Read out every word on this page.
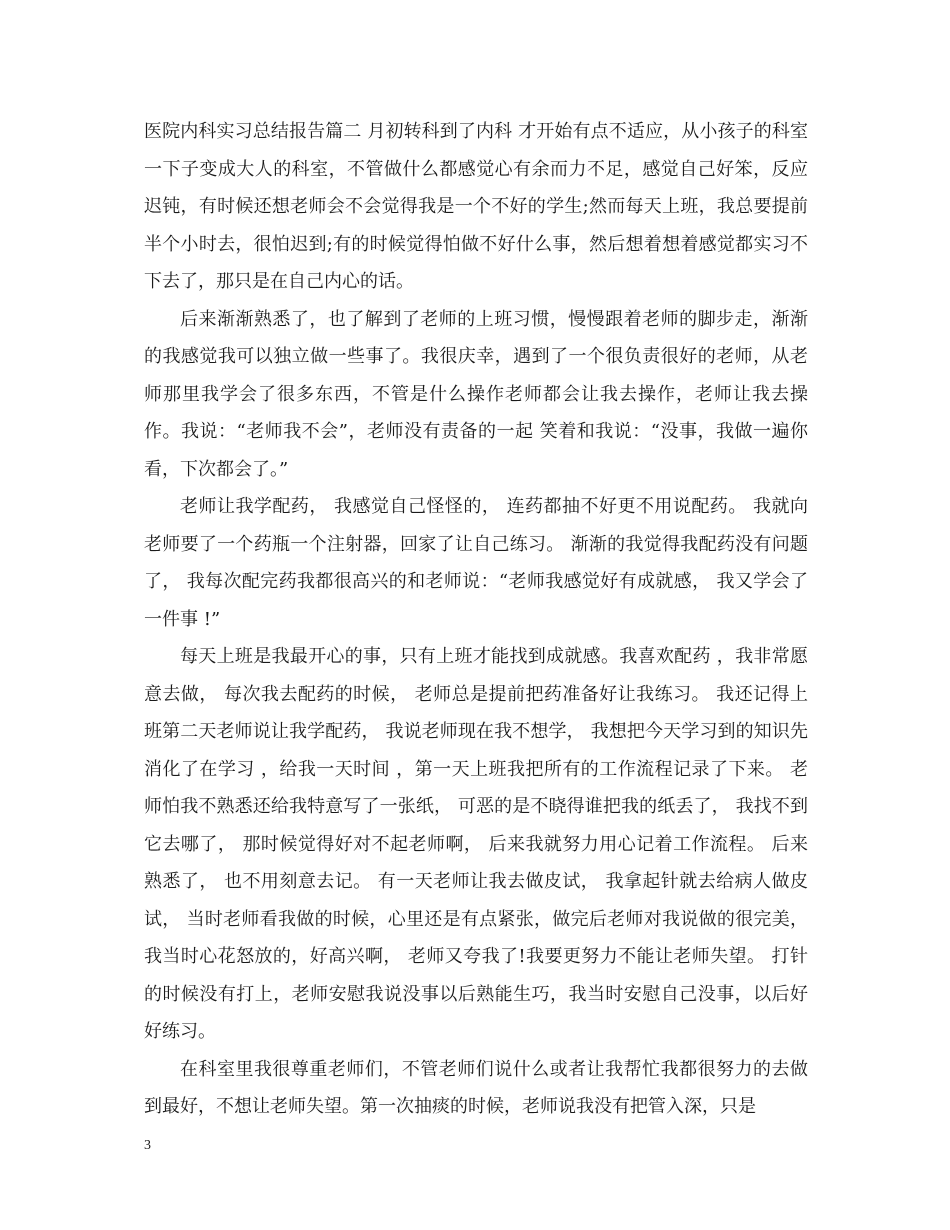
医院内科实习总结报告篇二 月初转科到了内科 才开始有点不适应，从小孩子的科室一下子变成大人的科室，不管做什么都感觉心有余而力不足，感觉自己好笨，反应迟钝，有时候还想老师会不会觉得我是一个不好的学生;然而每天上班，我总要提前半个小时去，很怕迟到;有的时候觉得怕做不好什么事，然后想着想着感觉都实习不下去了，那只是在自己内心的话。

后来渐渐熟悉了，也了解到了老师的上班习惯，慢慢跟着老师的脚步走，渐渐的我感觉我可以独立做一些事了。我很庆幸，遇到了一个很负责很好的老师，从老师那里我学会了很多东西，不管是什么操作老师都会让我去操作，老师让我去操作。我说：“老师我不会”，老师没有责备的一起 笑着和我说：“没事，我做一遍你看，下次都会了。”

老师让我学配药， 我感觉自己怪怪的， 连药都抽不好更不用说配药。 我就向老师要了一个药瓶一个注射器，回家了让自己练习。 渐渐的我觉得我配药没有问题了， 我每次配完药我都很高兴的和老师说：“老师我感觉好有成就感， 我又学会了一件事 !”

每天上班是我最开心的事，只有上班才能找到成就感。我喜欢配药 ，我非常愿意去做， 每次我去配药的时候， 老师总是提前把药准备好让我练习。 我还记得上班第二天老师说让我学配药， 我说老师现在我不想学， 我想把今天学习到的知识先消化了在学习 ，给我一天时间 ，第一天上班我把所有的工作流程记录了下来。 老师怕我不熟悉还给我特意写了一张纸， 可恶的是不晓得谁把我的纸丢了， 我找不到它去哪了， 那时候觉得好对不起老师啊， 后来我就努力用心记着工作流程。 后来熟悉了， 也不用刻意去记。 有一天老师让我去做皮试， 我拿起针就去给病人做皮试， 当时老师看我做的时候，心里还是有点紧张，做完后老师对我说做的很完美，我当时心花怒放的，好高兴啊， 老师又夸我了!我要更努力不能让老师失望。 打针的时候没有打上，老师安慰我说没事以后熟能生巧，我当时安慰自己没事，以后好好练习。

在科室里我很尊重老师们，不管老师们说什么或者让我帮忙我都很努力的去做到最好，不想让老师失望。第一次抽痰的时候，老师说我没有把管入深，只是

3
